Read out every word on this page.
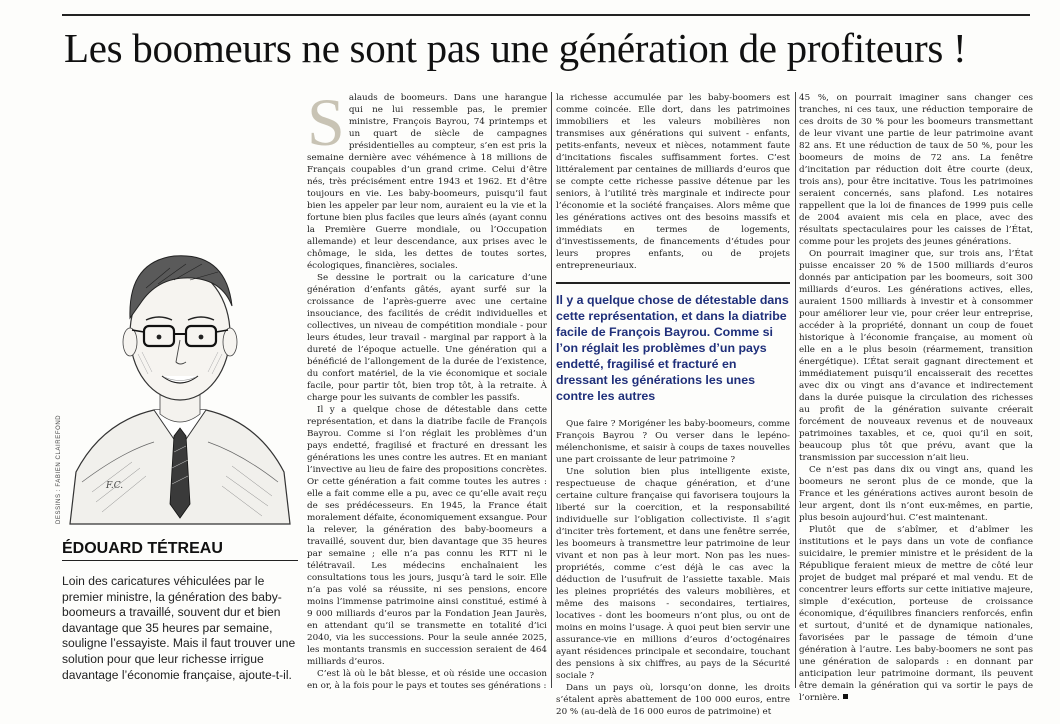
Les boomeurs ne sont pas une génération de profiteurs !
F.C.
DESSINS : FABIEN CLAIREFOND
ÉDOUARD TÉTREAU
Loin des caricatures véhiculées par le premier ministre, la génération des baby-boomeurs a travaillé, souvent dur et bien davantage que 35 heures par semaine, souligne l’essayiste. Mais il faut trouver une solution pour que leur richesse irrigue davantage l’économie française, ajoute-t-il.
S alauds de boomeurs. Dans une harangue qui ne lui ressemble pas, le premier ministre, François Bayrou, 74 printemps et un quart de siècle de campagnes présidentielles au compteur, s’en est pris la semaine dernière avec véhémence à 18 millions de Français coupables d’un grand crime. Celui d’être nés, très précisément entre 1943 et 1962. Et d’être toujours en vie. Les baby-boomeurs, puisqu’il faut bien les appeler par leur nom, auraient eu la vie et la fortune bien plus faciles que leurs aînés (ayant connu la Première Guerre mondiale, ou l’Occupation allemande) et leur descendance, aux prises avec le chômage, le sida, les dettes de toutes sortes, écologiques, financières, sociales.

Se dessine le portrait ou la caricature d’une génération d’enfants gâtés, ayant surfé sur la croissance de l’après-guerre avec une certaine insouciance, des facilités de crédit individuelles et collectives, un niveau de compétition mondiale - pour leurs études, leur travail - marginal par rapport à la dureté de l’époque actuelle. Une génération qui a bénéficié de l’allongement de la durée de l’existence, du confort matériel, de la vie économique et sociale facile, pour partir tôt, bien trop tôt, à la retraite. À charge pour les suivants de combler les passifs.

Il y a quelque chose de détestable dans cette représentation, et dans la diatribe facile de François Bayrou. Comme si l’on réglait les problèmes d’un pays endetté, fragilisé et fracturé en dressant les générations les unes contre les autres. Et en maniant l’invective au lieu de faire des propositions concrètes. Or cette génération a fait comme toutes les autres : elle a fait comme elle a pu, avec ce qu’elle avait reçu de ses prédécesseurs. En 1945, la France était moralement défaite, économiquement exsangue. Pour la relever, la génération des baby-boomeurs a travaillé, souvent dur, bien davantage que 35 heures par semaine ; elle n’a pas connu les RTT ni le télétravail. Les médecins enchaînaient les consultations tous les jours, jusqu’à tard le soir. Elle n’a pas volé sa réussite, ni ses pensions, encore moins l’immense patrimoine ainsi constitué, estimé à 9 000 milliards d’euros par la Fondation Jean Jaurès, en attendant qu’il se transmette en totalité d’ici 2040, via les successions. Pour la seule année 2025, les montants transmis en succession seraient de 464 milliards d’euros.

C’est là où le bât blesse, et où réside une occasion en or, à la fois pour le pays et toutes ses générations :

la richesse accumulée par les baby-boomers est comme coincée. Elle dort, dans les patrimoines immobiliers et les valeurs mobilières non transmises aux générations qui suivent - enfants, petits-enfants, neveux et nièces, notamment faute d’incitations fiscales suffisamment fortes. C’est littéralement par centaines de milliards d’euros que se compte cette richesse passive détenue par les seniors, à l’utilité très marginale et indirecte pour l’économie et la société françaises. Alors même que les générations actives ont des besoins massifs et immédiats en termes de logements, d’investissements, de financements d’études pour leurs propres enfants, ou de projets entrepreneuriaux.

Il y a quelque chose de détestable dans cette représentation, et dans la diatribe facile de François Bayrou. Comme si l’on réglait les problèmes d’un pays endetté, fragilisé et fracturé en dressant les générations les unes contre les autres

Que faire ? Morigéner les baby-boomeurs, comme François Bayrou ? Ou verser dans le lepéno-mélenchonisme, et saisir à coups de taxes nouvelles une part croissante de leur patrimoine ?

Une solution bien plus intelligente existe, respectueuse de chaque génération, et d’une certaine culture française qui favorisera toujours la liberté sur la coercition, et la responsabilité individuelle sur l’obligation collectiviste. Il s’agit d’inciter très fortement, et dans une fenêtre serrée, les boomeurs à transmettre leur patrimoine de leur vivant et non pas à leur mort. Non pas les nues-propriétés, comme c’est déjà le cas avec la déduction de l’usufruit de l’assiette taxable. Mais les pleines propriétés des valeurs mobilières, et même des maisons - secondaires, tertiaires, locatives - dont les boomeurs n’ont plus, ou ont de moins en moins l’usage. À quoi peut bien servir une assurance-vie en millions d’euros d’octogénaires ayant résidences principale et secondaire, touchant des pensions à six chiffres, au pays de la Sécurité sociale ?

Dans un pays où, lorsqu’on donne, les droits s’étalent après abattement de 100 000 euros, entre 20 % (au-delà de 16 000 euros de patrimoine) et

45 %, on pourrait imaginer sans changer ces tranches, ni ces taux, une réduction temporaire de ces droits de 30 % pour les boomeurs transmettant de leur vivant une partie de leur patrimoine avant 82 ans. Et une réduction de taux de 50 %, pour les boomeurs de moins de 72 ans. La fenêtre d’incitation par réduction doit être courte (deux, trois ans), pour être incitative. Tous les patrimoines seraient concernés, sans plafond. Les notaires rappellent que la loi de finances de 1999 puis celle de 2004 avaient mis cela en place, avec des résultats spectaculaires pour les caisses de l’État, comme pour les projets des jeunes générations.

On pourrait imaginer que, sur trois ans, l’État puisse encaisser 20 % de 1500 milliards d’euros donnés par anticipation par les boomeurs, soit 300 milliards d’euros. Les générations actives, elles, auraient 1500 milliards à investir et à consommer pour améliorer leur vie, pour créer leur entreprise, accéder à la propriété, donnant un coup de fouet historique à l’économie française, au moment où elle en a le plus besoin (réarmement, transition énergétique). L’État serait gagnant directement et immédiatement puisqu’il encaisserait des recettes avec dix ou vingt ans d’avance et indirectement dans la durée puisque la circulation des richesses au profit de la génération suivante créerait forcément de nouveaux revenus et de nouveaux patrimoines taxables, et ce, quoi qu’il en soit, beaucoup plus tôt que prévu, avant que la transmission par succession n’ait lieu.

Ce n’est pas dans dix ou vingt ans, quand les boomeurs ne seront plus de ce monde, que la France et les générations actives auront besoin de leur argent, dont ils n’ont eux-mêmes, en partie, plus besoin aujourd’hui. C’est maintenant.

Plutôt que de s’abîmer, et d’abîmer les institutions et le pays dans un vote de confiance suicidaire, le premier ministre et le président de la République feraient mieux de mettre de côté leur projet de budget mal préparé et mal vendu. Et de concentrer leurs efforts sur cette initiative majeure, simple d’exécution, porteuse de croissance économique, d’équilibres financiers renforcés, enfin et surtout, d’unité et de dynamique nationales, favorisées par le passage de témoin d’une génération à l’autre. Les baby-boomers ne sont pas une génération de salopards : en donnant par anticipation leur patrimoine dormant, ils peuvent être demain la génération qui va sortir le pays de l’ornière.
